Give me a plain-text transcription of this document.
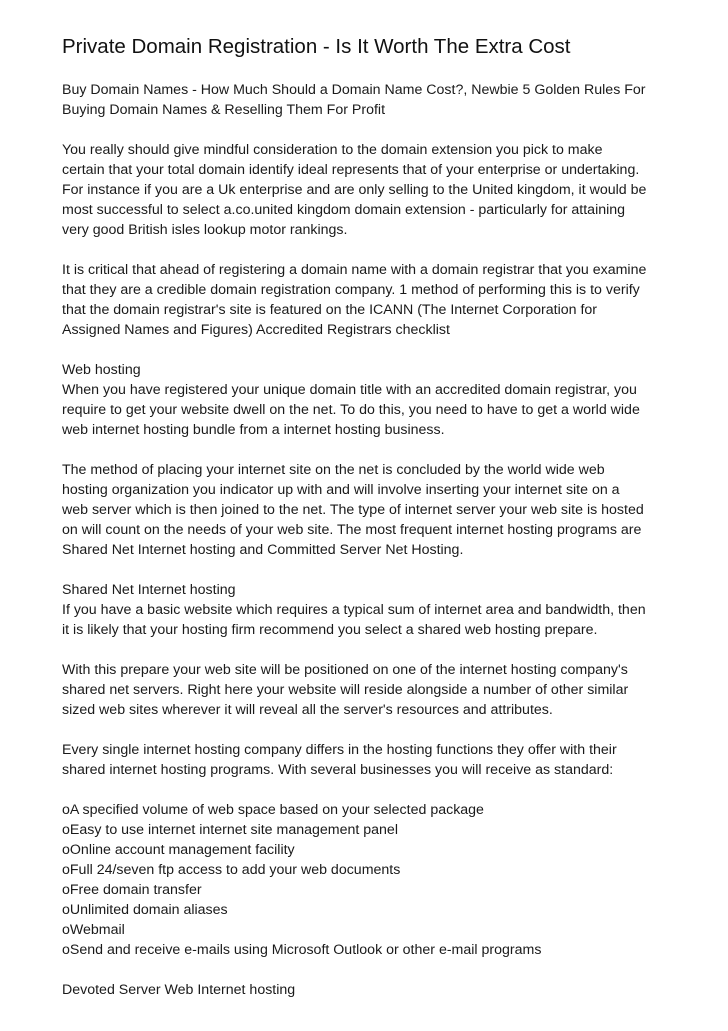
Private Domain Registration - Is It Worth The Extra Cost

Buy Domain Names - How Much Should a Domain Name Cost?, Newbie 5 Golden Rules For
Buying Domain Names & Reselling Them For Profit

You really should give mindful consideration to the domain extension you pick to make
certain that your total domain identify ideal represents that of your enterprise or undertaking.
For instance if you are a Uk enterprise and are only selling to the United kingdom, it would be
most successful to select a.co.united kingdom domain extension - particularly for attaining
very good British isles lookup motor rankings.

It is critical that ahead of registering a domain name with a domain registrar that you examine
that they are a credible domain registration company. 1 method of performing this is to verify
that the domain registrar's site is featured on the ICANN (The Internet Corporation for
Assigned Names and Figures) Accredited Registrars checklist

Web hosting
When you have registered your unique domain title with an accredited domain registrar, you
require to get your website dwell on the net. To do this, you need to have to get a world wide
web internet hosting bundle from a internet hosting business.

The method of placing your internet site on the net is concluded by the world wide web
hosting organization you indicator up with and will involve inserting your internet site on a
web server which is then joined to the net. The type of internet server your web site is hosted
on will count on the needs of your web site. The most frequent internet hosting programs are
Shared Net Internet hosting and Committed Server Net Hosting.

Shared Net Internet hosting
If you have a basic website which requires a typical sum of internet area and bandwidth, then
it is likely that your hosting firm recommend you select a shared web hosting prepare.

With this prepare your web site will be positioned on one of the internet hosting company's
shared net servers. Right here your website will reside alongside a number of other similar
sized web sites wherever it will reveal all the server's resources and attributes.

Every single internet hosting company differs in the hosting functions they offer with their
shared internet hosting programs. With several businesses you will receive as standard:

oA specified volume of web space based on your selected package
oEasy to use internet internet site management panel
oOnline account management facility
oFull 24/seven ftp access to add your web documents
oFree domain transfer
oUnlimited domain aliases
oWebmail
oSend and receive e-mails using Microsoft Outlook or other e-mail programs

Devoted Server Web Internet hosting
